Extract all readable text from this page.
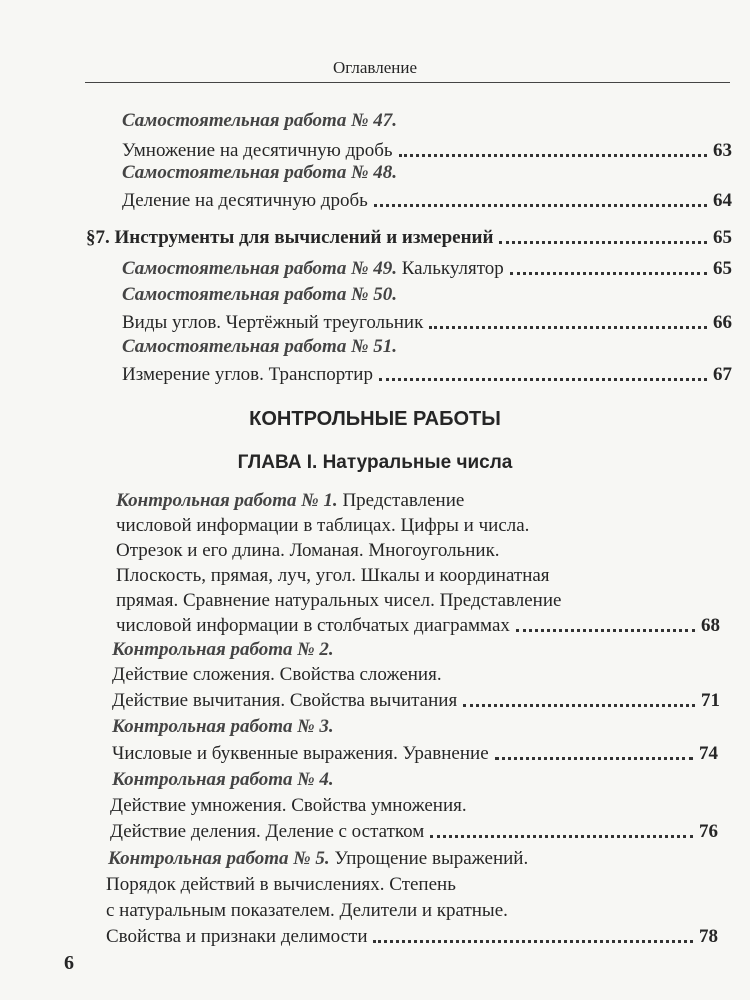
Оглавление
Самостоятельная работа № 47.
Умножение на десятичную дробь	63
Самостоятельная работа № 48.
Деление на десятичную дробь	64
§7. Инструменты для вычислений и измерений	65
Самостоятельная работа № 49. Калькулятор	65
Самостоятельная работа № 50.
Виды углов. Чертёжный треугольник	66
Самостоятельная работа № 51.
Измерение углов. Транспортир	67
КОНТРОЛЬНЫЕ РАБОТЫ
ГЛАВА I. Натуральные числа
Контрольная работа № 1. Представление
числовой информации в таблицах. Цифры и числа.
Отрезок и его длина. Ломаная. Многоугольник.
Плоскость, прямая, луч, угол. Шкалы и координатная
прямая. Сравнение натуральных чисел. Представление
числовой информации в столбчатых диаграммах	68
Контрольная работа № 2.
Действие сложения. Свойства сложения.
Действие вычитания. Свойства вычитания	71
Контрольная работа № 3.
Числовые и буквенные выражения. Уравнение	74
Контрольная работа № 4.
Действие умножения. Свойства умножения.
Действие деления. Деление с остатком	76
Контрольная работа № 5. Упрощение выражений.
Порядок действий в вычислениях. Степень
с натуральным показателем. Делители и кратные.
Свойства и признаки делимости	78
6
